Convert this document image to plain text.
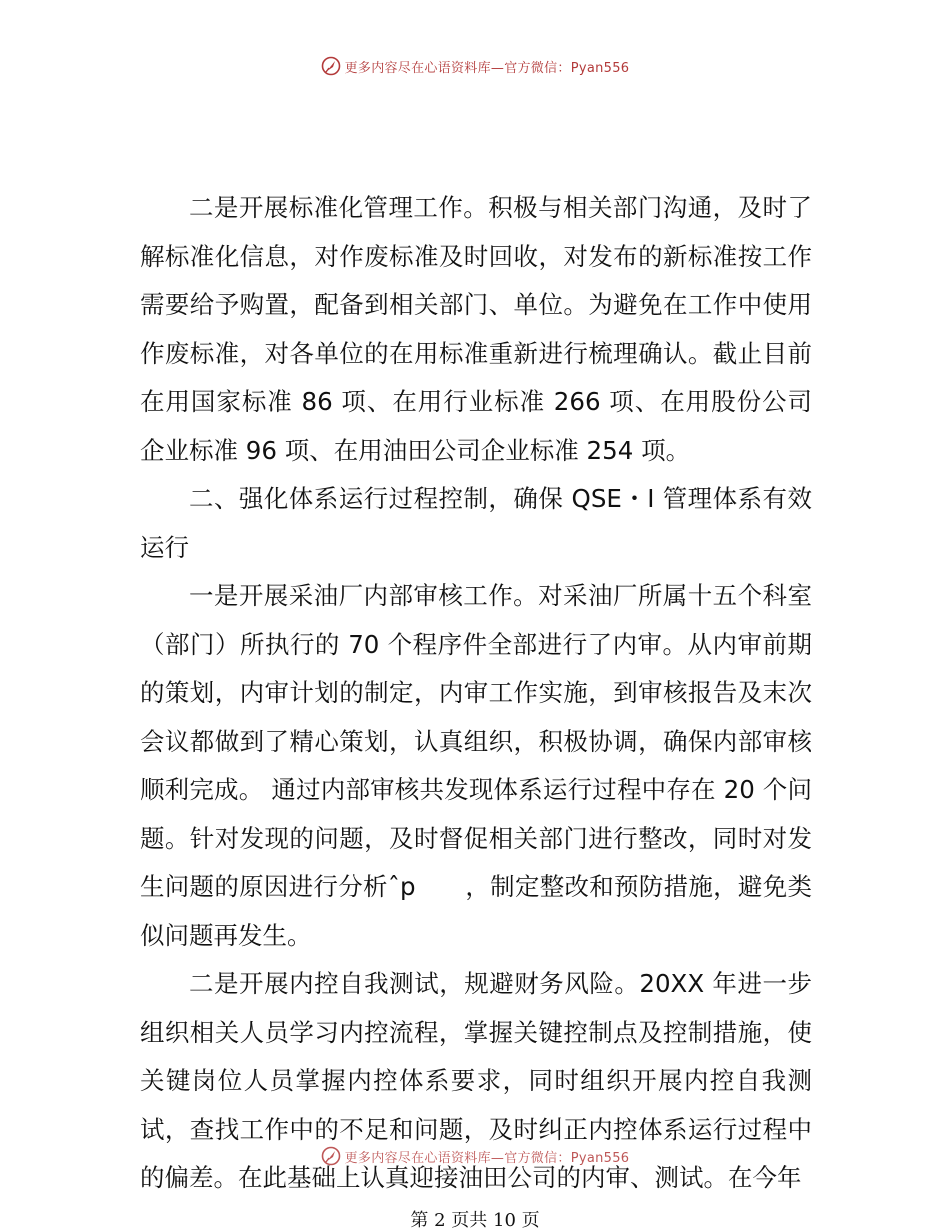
更多内容尽在心语资料库—官方微信：Pyan556

二是开展标准化管理工作。积极与相关部门沟通，及时了解标准化信息，对作废标准及时回收，对发布的新标准按工作需要给予购置，配备到相关部门、单位。为避免在工作中使用作废标准，对各单位的在用标准重新进行梳理确认。截止目前在用国家标准 86 项、在用行业标准 266 项、在用股份公司企业标准 96 项、在用油田公司企业标准 254 项。

二、强化体系运行过程控制，确保 QSE・I 管理体系有效运行

一是开展采油厂内部审核工作。对采油厂所属十五个科室（部门）所执行的 70 个程序件全部进行了内审。从内审前期的策划，内审计划的制定，内审工作实施，到审核报告及末次会议都做到了精心策划，认真组织，积极协调，确保内部审核顺利完成。 通过内部审核共发现体系运行过程中存在 20 个问题。针对发现的问题，及时督促相关部门进行整改，同时对发生问题的原因进行分析ˆp　　，制定整改和预防措施，避免类似问题再发生。

二是开展内控自我测试，规避财务风险。20XX 年进一步组织相关人员学习内控流程，掌握关键控制点及控制措施，使关键岗位人员掌握内控体系要求，同时组织开展内控自我测试，查找工作中的不足和问题，及时纠正内控体系运行过程中的偏差。在此基础上认真迎接油田公司的内审、测试。在今年

更多内容尽在心语资料库—官方微信：Pyan556
第 2 页共 10 页
